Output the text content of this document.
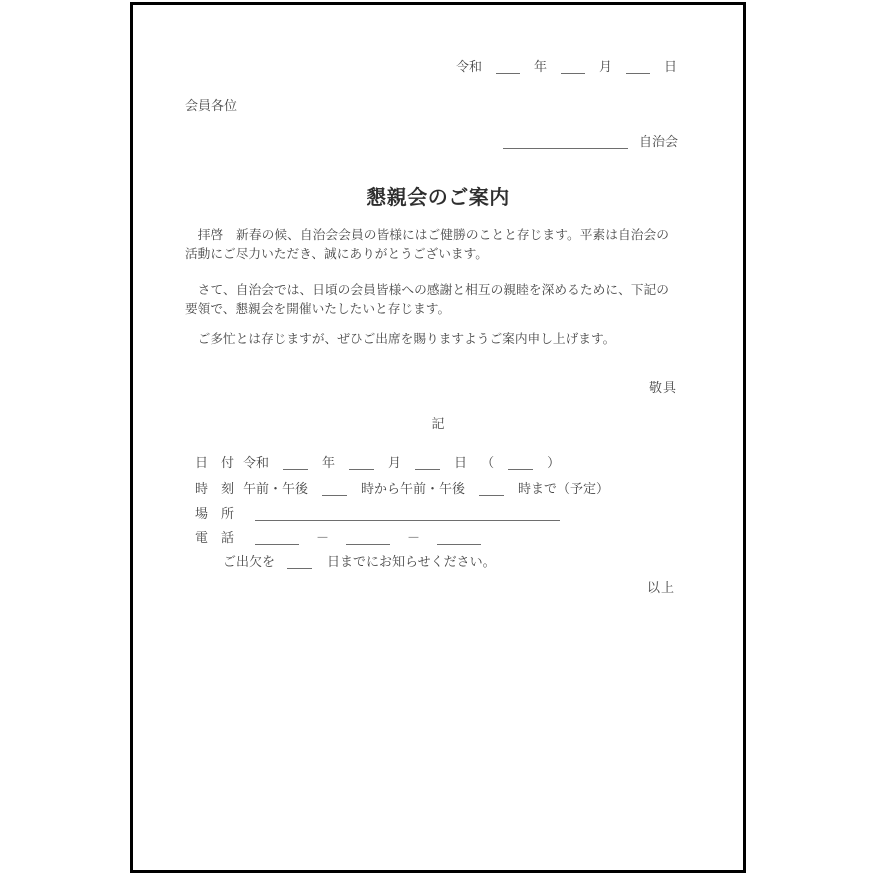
令和	年	月	日
会員各位
自治会
懇親会のご案内

　拝啓　新春の候、自治会会員の皆様にはご健勝のことと存じます。平素は自治会の活動にご尽力いただき、誠にありがとうございます。

　さて、自治会では、日頃の会員皆様への感謝と相互の親睦を深めるために、下記の要領で、懇親会を開催いたしたいと存じます。

　ご多忙とは存じますが、ぜひご出席を賜りますようご案内申し上げます。

敬具
記
日　付 令和	年	月	日 （	）
時　刻 午前・午後	時から午前・午後	時まで（予定）
場　所
電　話	－	－
ご出欠を	日までにお知らせください。
以上
